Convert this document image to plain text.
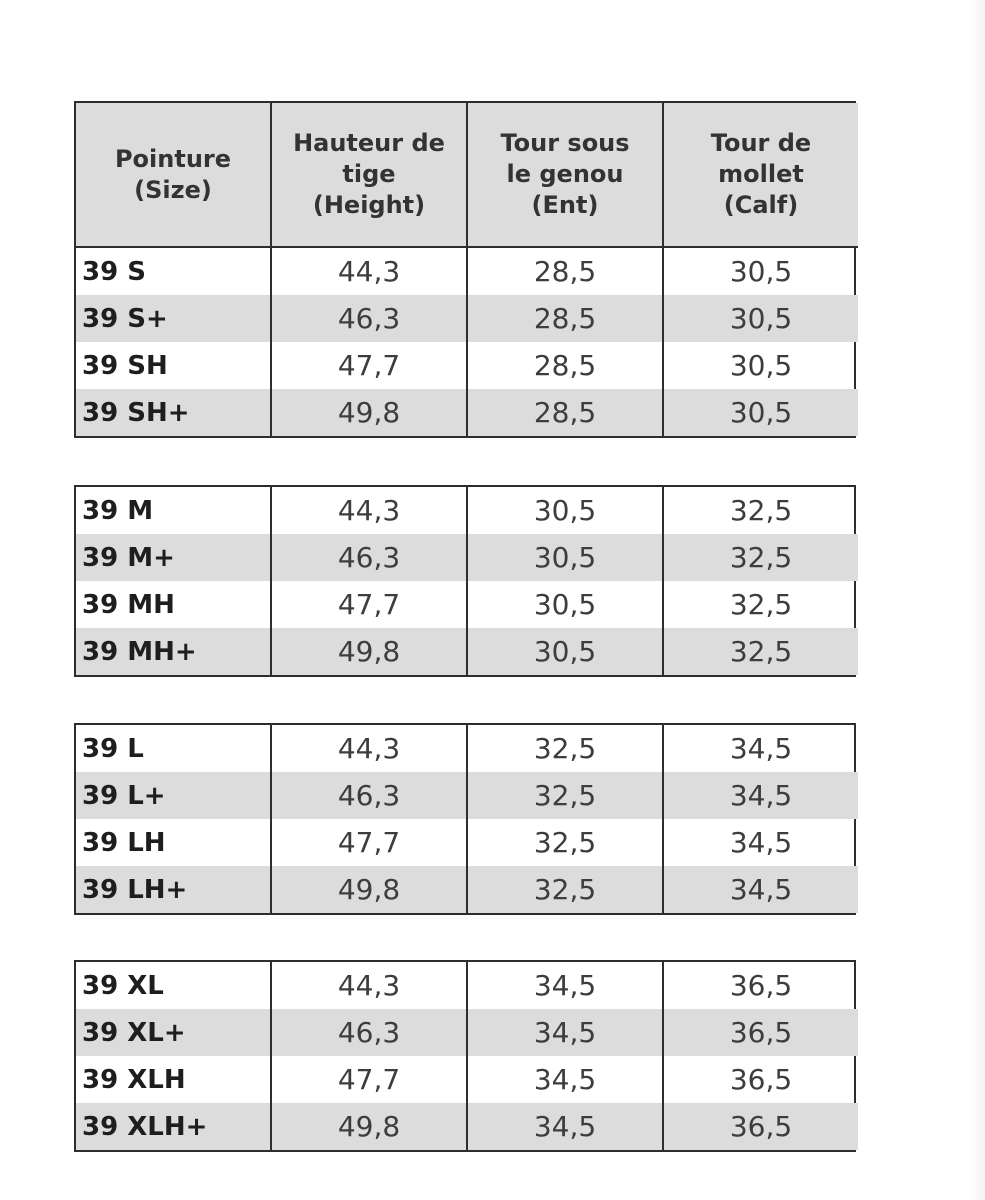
Pointure
(Size)	Hauteur de
tige
(Height)	Tour sous
le genou
(Ent)	Tour de
mollet
(Calf)
39 S	44,3	28,5	30,5
39 S+	46,3	28,5	30,5
39 SH	47,7	28,5	30,5
39 SH+	49,8	28,5	30,5
39 M	44,3	30,5	32,5
39 M+	46,3	30,5	32,5
39 MH	47,7	30,5	32,5
39 MH+	49,8	30,5	32,5
39 L	44,3	32,5	34,5
39 L+	46,3	32,5	34,5
39 LH	47,7	32,5	34,5
39 LH+	49,8	32,5	34,5
39 XL	44,3	34,5	36,5
39 XL+	46,3	34,5	36,5
39 XLH	47,7	34,5	36,5
39 XLH+	49,8	34,5	36,5
